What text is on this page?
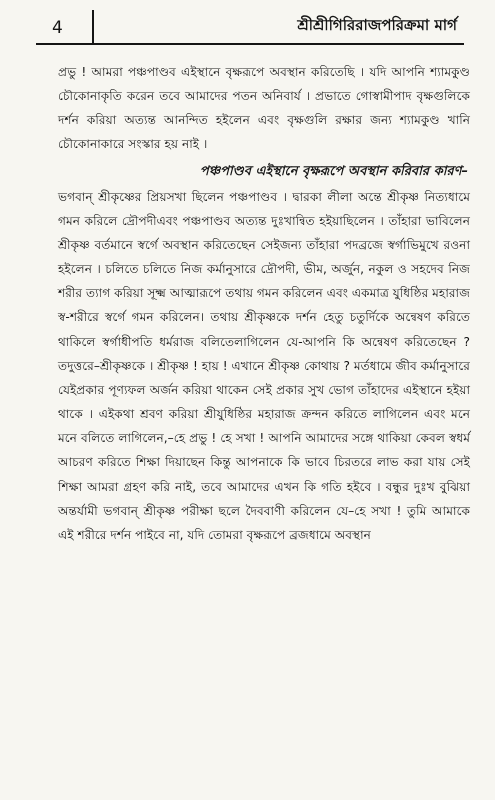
4	শ্রীশ্রীগিরিরাজপরিক্রমা মার্গ

প্রভু ! আমরা পঞ্চপাণ্ডব এইস্থানে বৃক্ষরূপে অবস্থান করিতেছি । যদি আপনি শ্যামকুণ্ড চৌকোনাকৃতি করেন তবে আমাদের পতন অনিবার্য । প্রভাতে গোস্বামীপাদ বৃক্ষগুলিকে দর্শন করিয়া অত্যন্ত আনন্দিত হইলেন এবং বৃক্ষগুলি রক্ষার জন্য শ্যামকুণ্ড খানি চৌকোনাকারে সংস্কার হয় নাই ।

পঞ্চপাণ্ডব এইস্থানে বৃক্ষরূপে অবস্থান করিবার কারণ–

ভগবান্ শ্রীকৃষ্ণের প্রিয়সখা ছিলেন পঞ্চপাণ্ডব । দ্বারকা লীলা অন্তে শ্রীকৃষ্ণ নিত্যধামে গমন করিলে দ্রৌপদীএবং পঞ্চপাণ্ডব অত্যন্ত দুঃখান্বিত হইয়াছিলেন । তাঁহারা ভাবিলেন শ্রীকৃষ্ণ বর্তমানে স্বর্গে অবস্থান করিতেছেন সেইজন্য তাঁহারা পদব্রজে স্বর্গাভিমুখে রওনা হইলেন । চলিতে চলিতে নিজ কর্মানুসারে দ্রৌপদী, ভীম, অর্জুন, নকুল ও সহদেব নিজ শরীর ত্যাগ করিয়া সূক্ষ্ম আত্মারূপে তথায় গমন করিলেন এবং একমাত্র যুধিষ্ঠির মহারাজ স্ব-শরীরে স্বর্গে গমন করিলেন। তথায় শ্রীকৃষ্ণকে দর্শন হেতু চতুর্দিকে অন্বেষণ করিতে থাকিলে স্বর্গাধীপতি ধর্মরাজ বলিতেলাগিলেন যে-আপনি কি অন্বেষণ করিতেছেন ? তদুত্তরে–শ্রীকৃষ্ণকে । শ্রীকৃষ্ণ ! হায় ! এখানে শ্রীকৃষ্ণ কোথায় ? মর্তধামে জীব কর্মানুসারে যেইপ্রকার পূণ্যফল অর্জন করিয়া থাকেন সেই প্রকার সুখ ভোগ তাঁহাদের এইস্থানে হইয়া থাকে । এইকথা শ্রবণ করিয়া শ্রীযুধিষ্ঠির মহারাজ ক্রন্দন করিতে লাগিলেন এবং মনে মনে বলিতে লাগিলেন,–হে প্রভু ! হে সখা ! আপনি আমাদের সঙ্গে থাকিয়া কেবল স্বধর্ম আচরণ করিতে শিক্ষা দিয়াছেন কিন্তু আপনাকে কি ভাবে চিরতরে লাভ করা যায় সেই শিক্ষা আমরা গ্রহণ করি নাই, তবে আমাদের এখন কি গতি হইবে । বন্ধুর দুঃখ বুঝিয়া অন্তর্যামী ভগবান্ শ্রীকৃষ্ণ পরীক্ষা ছলে দৈববাণী করিলেন যে–হে সখা ! তুমি আমাকে এই শরীরে দর্শন পাইবে না, যদি তোমরা বৃক্ষরূপে ব্রজধামে অবস্থান
